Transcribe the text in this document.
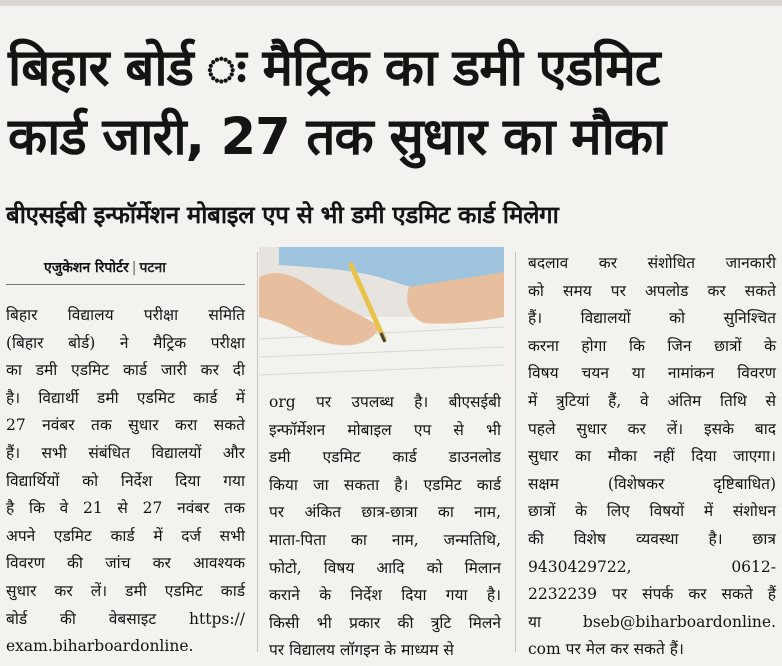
बिहार बोर्ड ः मैट्रिक का डमी एडमिट
कार्ड जारी, 27 तक सुधार का मौका
बीएसईबी इन्फॉर्मेशन मोबाइल एप से भी डमी एडमिट कार्ड मिलेगा
एजुकेशन रिपोर्टर | पटना

बिहार विद्यालय परीक्षा समिति

(बिहार बोर्ड) ने मैट्रिक परीक्षा

का डमी एडमिट कार्ड जारी कर दी

है। विद्यार्थी डमी एडमिट कार्ड में

27 नवंबर तक सुधार करा सकते

हैं। सभी संबंधित विद्यालयों और

विद्यार्थियों को निर्देश दिया गया

है कि वे 21 से 27 नवंबर तक

अपने एडमिट कार्ड में दर्ज सभी

विवरण की जांच कर आवश्यक

सुधार कर लें। डमी एडमिट कार्ड

बोर्ड की वेबसाइट https://

exam.biharboardonline.

org पर उपलब्ध है। बीएसईबी

इन्फॉर्मेशन मोबाइल एप से भी

डमी एडमिट कार्ड डाउनलोड

किया जा सकता है। एडमिट कार्ड

पर अंकित छात्र-छात्रा का नाम,

माता-पिता का नाम, जन्मतिथि,

फोटो, विषय आदि को मिलान

कराने के निर्देश दिया गया है।

किसी भी प्रकार की त्रुटि मिलने

पर विद्यालय लॉगइन के माध्यम से

बदलाव कर संशोधित जानकारी

को समय पर अपलोड कर सकते

हैं। विद्यालयों को सुनिश्चित

करना होगा कि जिन छात्रों के

विषय चयन या नामांकन विवरण

में त्रुटियां हैं, वे अंतिम तिथि से

पहले सुधार कर लें। इसके बाद

सुधार का मौका नहीं दिया जाएगा।

सक्षम (विशेषकर दृष्टिबाधित)

छात्रों के लिए विषयों में संशोधन

की विशेष व्यवस्था है। छात्र

9430429722, 0612-

2232239 पर संपर्क कर सकते हैं

या bseb@biharboardonline.

com पर मेल कर सकते हैं।
